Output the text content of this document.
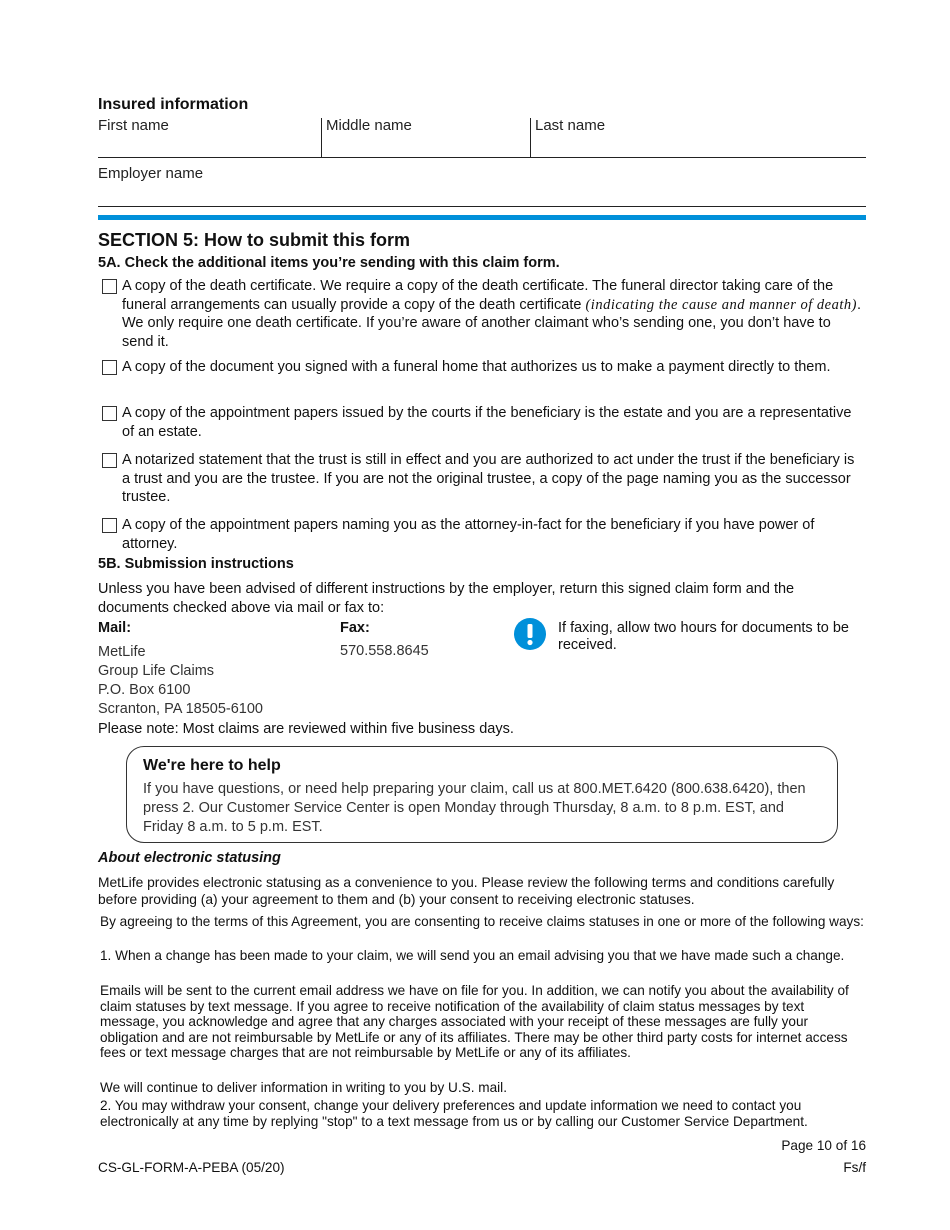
Insured information
First name	Middle name	Last name
Employer name
SECTION 5: How to submit this form
5A. Check the additional items you’re sending with this claim form.
A copy of the death certificate. We require a copy of the death certificate. The funeral director taking care of the funeral arrangements can usually provide a copy of the death certificate (indicating the cause and manner of death). We only require one death certificate. If you’re aware of another claimant who’s sending one, you don’t have to send it.
A copy of the document you signed with a funeral home that authorizes us to make a payment directly to them.
A copy of the appointment papers issued by the courts if the beneficiary is the estate and you are a representative of an estate.
A notarized statement that the trust is still in effect and you are authorized to act under the trust if the beneficiary is a trust and you are the trustee. If you are not the original trustee, a copy of the page naming you as the successor trustee.
A copy of the appointment papers naming you as the attorney-in-fact for the beneficiary if you have power of attorney.
5B. Submission instructions
Unless you have been advised of different instructions by the employer, return this signed claim form and the documents checked above via mail or fax to:
Mail:
MetLife
Group Life Claims
P.O. Box 6100
Scranton, PA 18505-6100
Fax:
570.558.8645
If faxing, allow two hours for documents to be received.
Please note: Most claims are reviewed within five business days.
We're here to help
If you have questions, or need help preparing your claim, call us at 800.MET.6420 (800.638.6420), then press 2. Our Customer Service Center is open Monday through Thursday, 8 a.m. to 8 p.m. EST, and Friday 8 a.m. to 5 p.m. EST.
About electronic statusing
MetLife provides electronic statusing as a convenience to you. Please review the following terms and conditions carefully before providing (a) your agreement to them and (b) your consent to receiving electronic statuses.
By agreeing to the terms of this Agreement, you are consenting to receive claims statuses in one or more of the following ways:
1. When a change has been made to your claim, we will send you an email advising you that we have made such a change.
Emails will be sent to the current email address we have on file for you. In addition, we can notify you about the availability of claim statuses by text message. If you agree to receive notification of the availability of claim status messages by text message, you acknowledge and agree that any charges associated with your receipt of these messages are fully your obligation and are not reimbursable by MetLife or any of its affiliates. There may be other third party costs for internet access fees or text message charges that are not reimbursable by MetLife or any of its affiliates.
We will continue to deliver information in writing to you by U.S. mail.
2. You may withdraw your consent, change your delivery preferences and update information we need to contact you electronically at any time by replying "stop" to a text message from us or by calling our Customer Service Department.
Page 10 of 16
CS-GL-FORM-A-PEBA (05/20)	Fs/f
